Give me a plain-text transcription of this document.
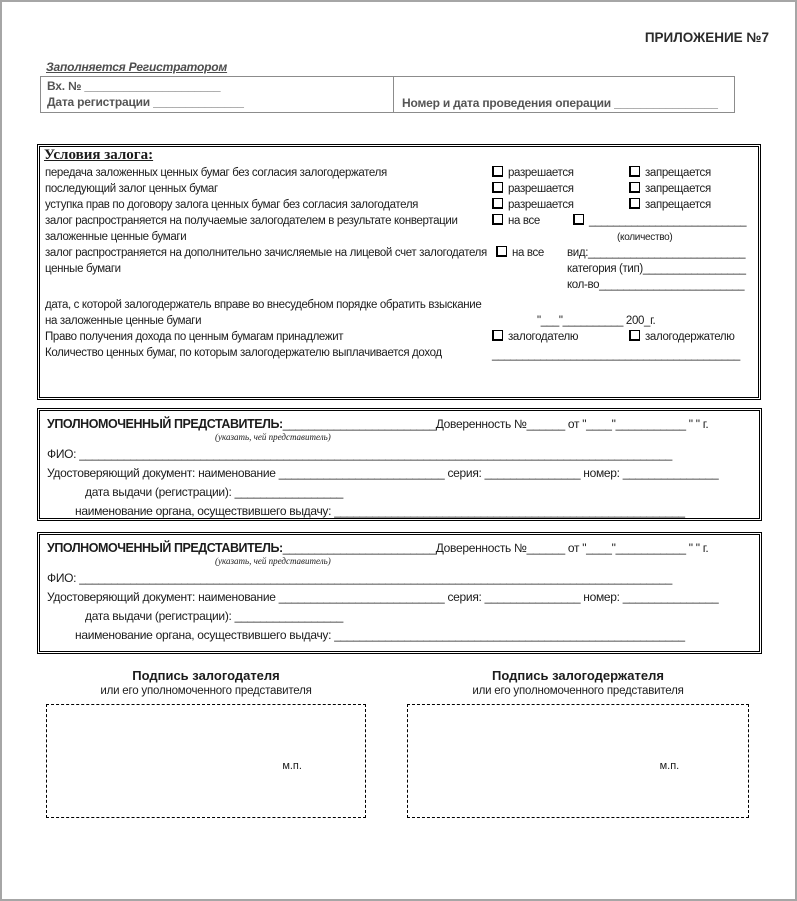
ПРИЛОЖЕНИЕ №7
Заполняется Регистратором
Вх. № _____________________
Дата регистрации ______________	Номер и дата проведения операции ________________
Условия залога:
передача заложенных ценных бумаг без согласия залогодержателя	разрешается	запрещается
последующий залог ценных бумаг	разрешается	запрещается
уступка прав по договору залога ценных бумаг без согласия залогодателя	разрешается	запрещается
залог распространяется на получаемые залогодателем в результате конвертации	на все	__________________________
заложенные ценные бумаги	(количество)
залог распространяется на дополнительно зачисляемые на лицевой счет залогодателя	на все вид:__________________________
ценные бумаги	категория (тип)_________________
кол-во________________________
дата, с которой залогодержатель вправе во внесудебном порядке обратить взыскание
на заложенные ценные бумаги	"___"__________ 200_г.
Право получения дохода по ценным бумагам принадлежит	залогодателю	залогодержателю
Количество ценных бумаг, по которым залогодержателю выплачивается доход	_________________________________________
УПОЛНОМОЧЕННЫЙ ПРЕДСТАВИТЕЛЬ:________________________Доверенность №______ от "____"___________ " " г.
(указать, чей представитель)
ФИО: _____________________________________________________________________________________________
Удостоверяющий документ: наименование __________________________ серия: _______________ номер: _______________
дата выдачи (регистрации): _________________
наименование органа, осуществившего выдачу: _______________________________________________________
УПОЛНОМОЧЕННЫЙ ПРЕДСТАВИТЕЛЬ:________________________Доверенность №______ от "____"___________ " " г.
(указать, чей представитель)
ФИО: _____________________________________________________________________________________________
Удостоверяющий документ: наименование __________________________ серия: _______________ номер: _______________
дата выдачи (регистрации): _________________
наименование органа, осуществившего выдачу: _______________________________________________________
Подпись залогодателя
или его уполномоченного представителя
Подпись залогодержателя
или его уполномоченного представителя
м.п.	м.п.
